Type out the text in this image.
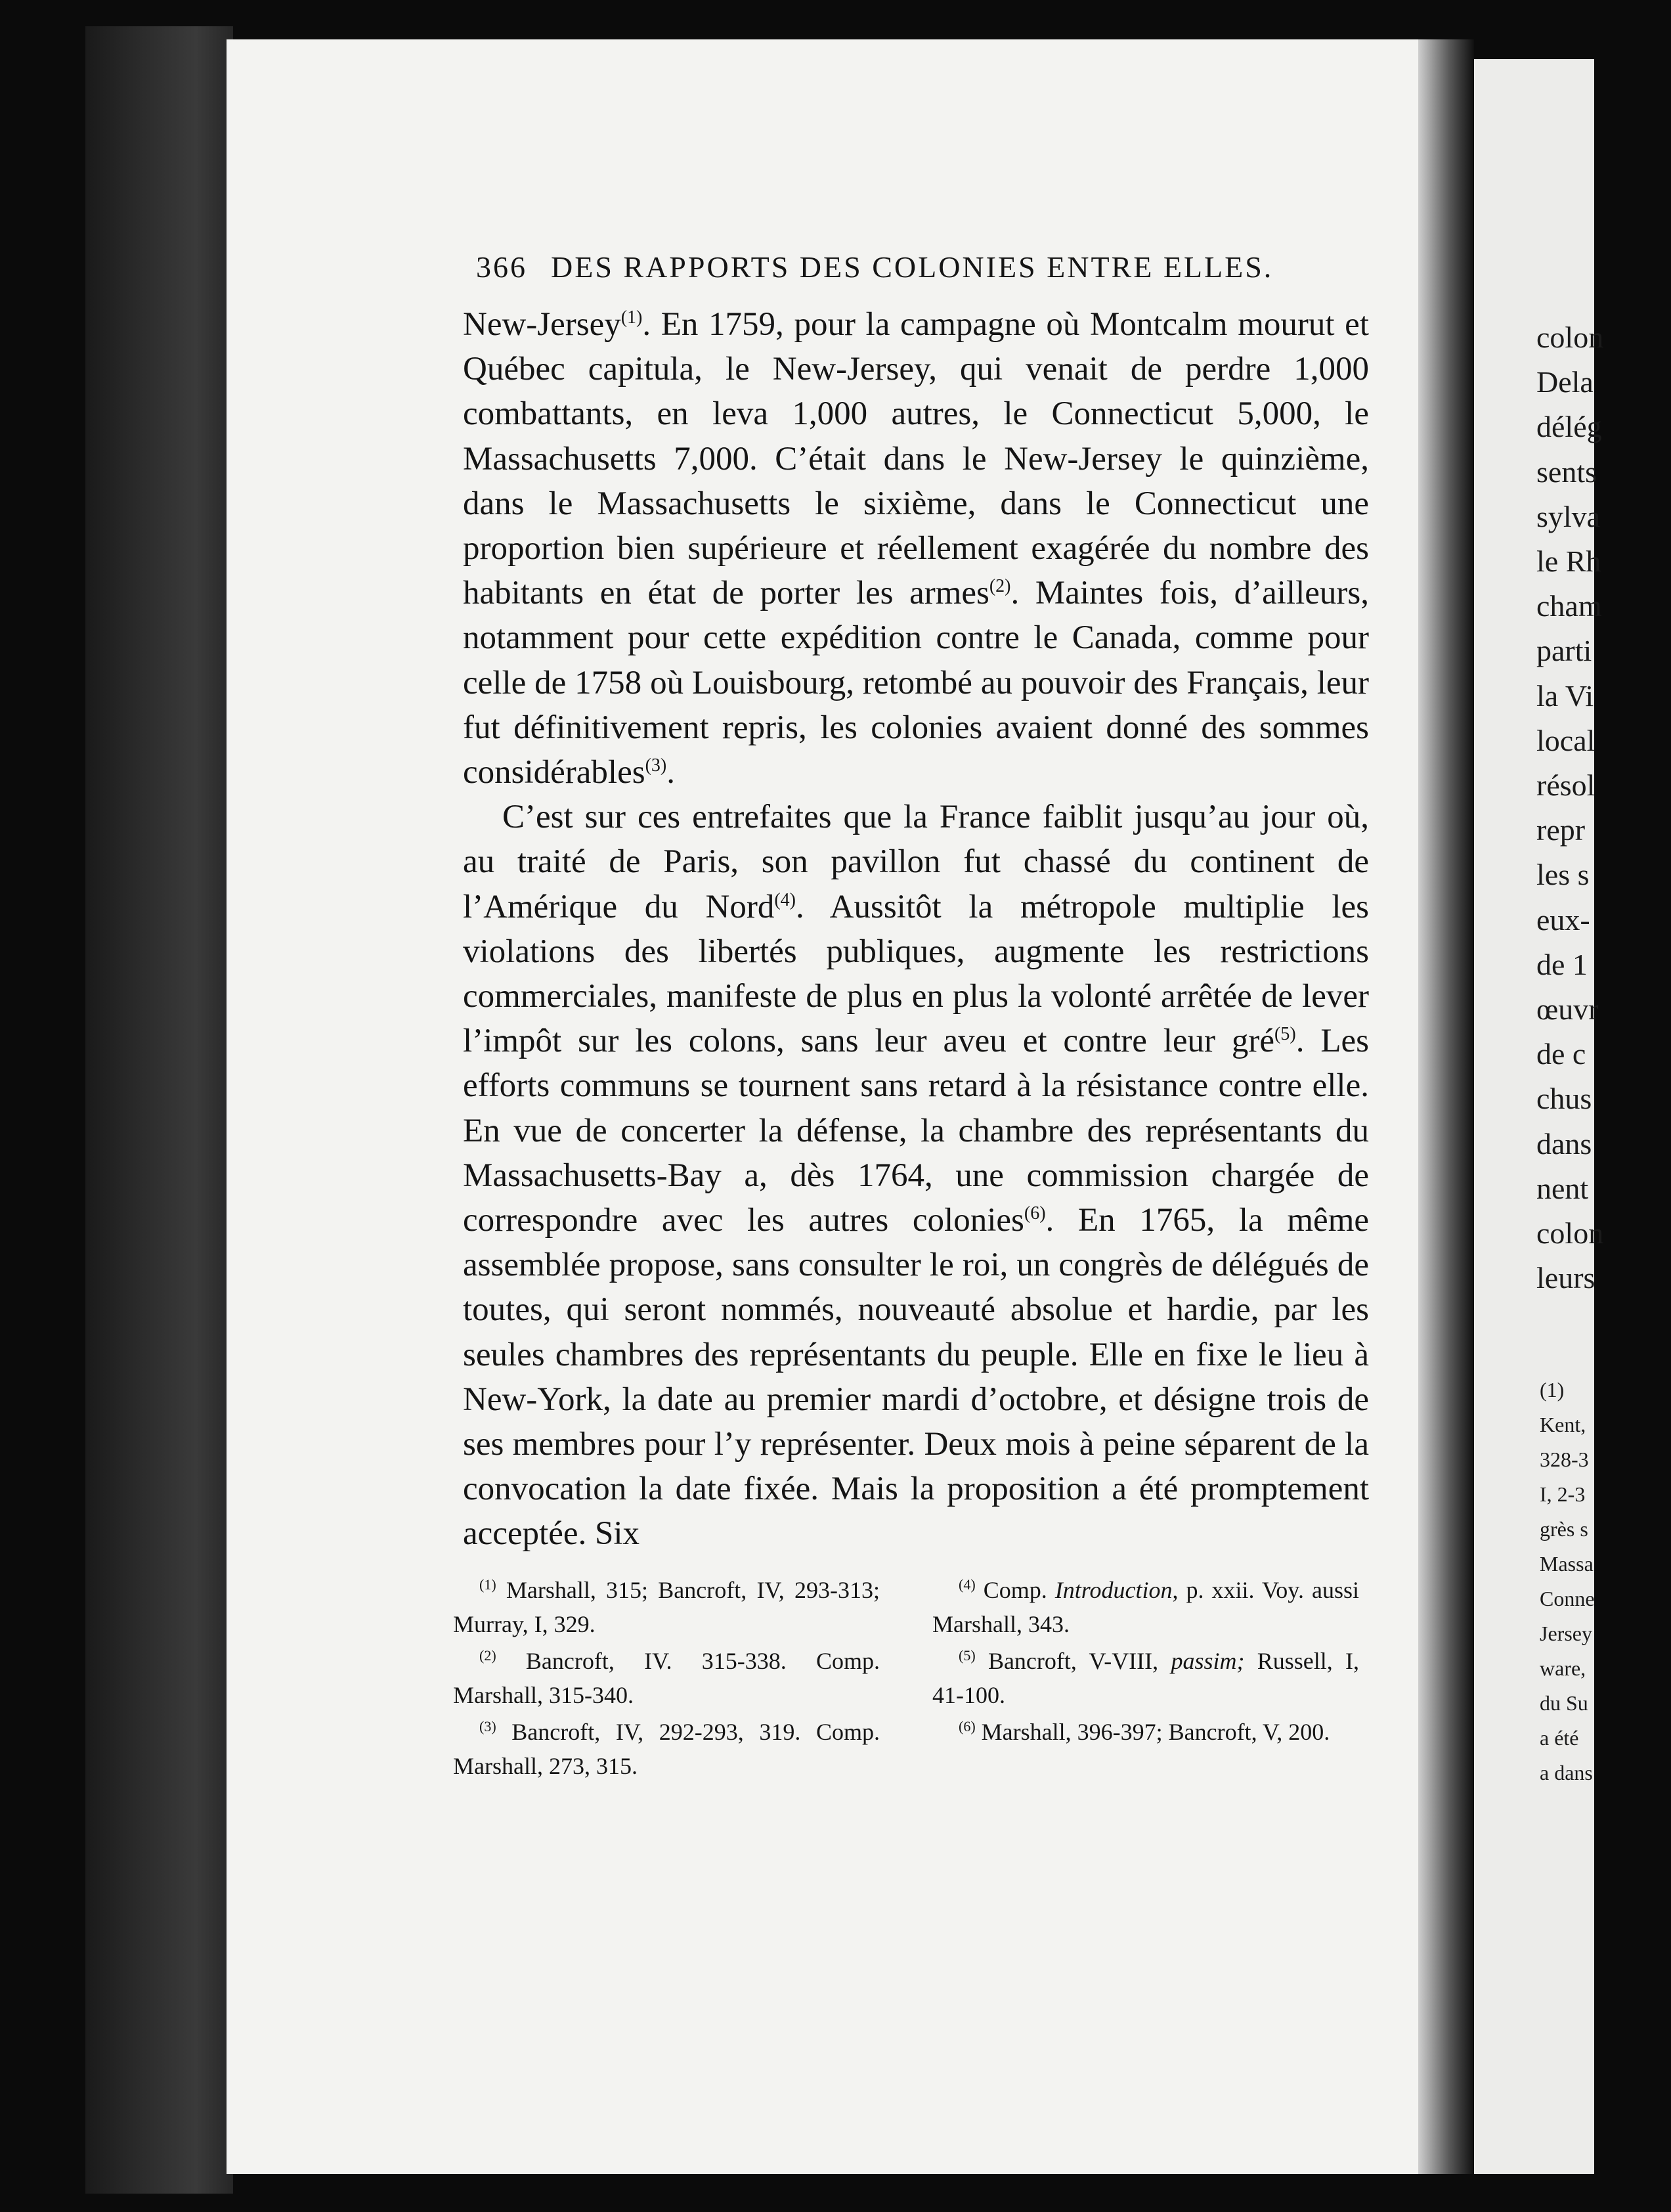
366 DES RAPPORTS DES COLONIES ENTRE ELLES.

New-Jersey$^{(1)}$. En 1759, pour la campagne où Montcalm mourut et Québec capitula, le New-Jersey, qui venait de perdre 1,000 combattants, en leva 1,000 autres, le Connecticut 5,000, le Massachusetts 7,000. C’était dans le New-Jersey le quinzième, dans le Massachusetts le sixième, dans le Connecticut une proportion bien supérieure et réellement exagérée du nombre des habitants en état de porter les armes$^{(2)}$. Maintes fois, d’ailleurs, notamment pour cette expédition contre le Canada, comme pour celle de 1758 où Louisbourg, retombé au pouvoir des Français, leur fut définitivement repris, les colonies avaient donné des sommes considérables$^{(3)}$.

C’est sur ces entrefaites que la France faiblit jusqu’au jour où, au traité de Paris, son pavillon fut chassé du continent de l’Amérique du Nord$^{(4)}$. Aussitôt la métropole multiplie les violations des libertés publiques, augmente les restrictions commerciales, manifeste de plus en plus la volonté arrêtée de lever l’impôt sur les colons, sans leur aveu et contre leur gré$^{(5)}$. Les efforts communs se tournent sans retard à la résistance contre elle. En vue de concerter la défense, la chambre des représentants du Massachusetts-Bay a, dès 1764, une commission chargée de correspondre avec les autres colonies$^{(6)}$. En 1765, la même assemblée propose, sans consulter le roi, un congrès de délégués de toutes, qui seront nommés, nouveauté absolue et hardie, par les seules chambres des représentants du peuple. Elle en fixe le lieu à New-York, la date au premier mardi d’octobre, et désigne trois de ses membres pour l’y représenter. Deux mois à peine séparent de la convocation la date fixée. Mais la proposition a été promptement acceptée. Six

$^{(1)}$ Marshall, 315; Bancroft, IV, 293-313; Murray, I, 329.

$^{(2)}$ Bancroft, IV. 315-338. Comp. Marshall, 315-340.

$^{(3)}$ Bancroft, IV, 292-293, 319. Comp. Marshall, 273, 315.

$^{(4)}$ Comp. Introduction, p. xxii. Voy. aussi Marshall, 343.

$^{(5)}$ Bancroft, V-VIII, passim; Russell, I, 41-100.

$^{(6)}$ Marshall, 396-397; Bancroft, V, 200.

colon
Dela
délég
sents
sylva
le Rh
cham
parti
la Vi
local
résol
repr
les s
eux-
de 1
œuvr
de c
chus
dans
nent
colon
leurs
(1)
Kent,
328-3
I, 2-3
grès s
Massa
Conne
Jersey
ware,
du Su
a été
a dans
